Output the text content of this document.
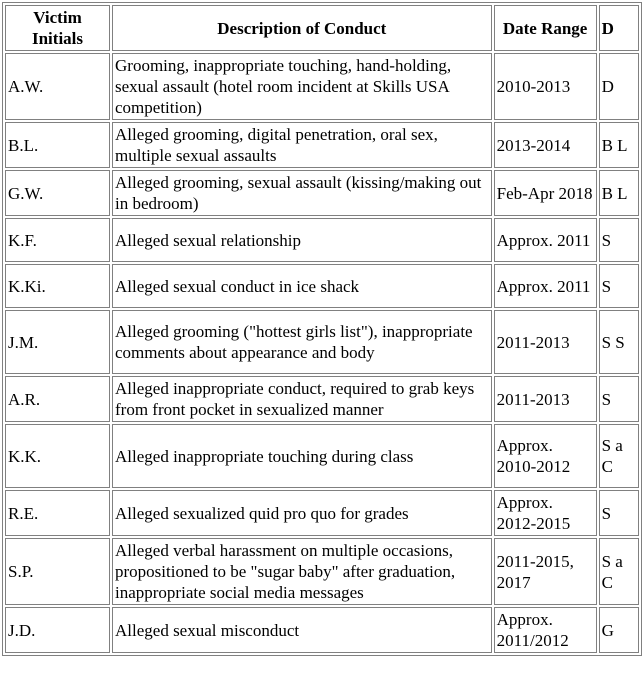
Victim Initials	Description of Conduct	Date Range	D
A.W.	Grooming, inappropriate touching, hand-holding, sexual assault (hotel room incident at Skills USA competition)	2010-2013	D
B.L.	Alleged grooming, digital penetration, oral sex, multiple sexual assaults	2013-2014	B L
G.W.	Alleged grooming, sexual assault (kissing/making out in bedroom)	Feb-Apr 2018	B L
K.F.	Alleged sexual relationship	Approx. 2011	S
K.Ki.	Alleged sexual conduct in ice shack	Approx. 2011	S
J.M.	Alleged grooming ("hottest girls list"), inappropriate comments about appearance and body	2011-2013	S S
A.R.	Alleged inappropriate conduct, required to grab keys from front pocket in sexualized manner	2011-2013	S
K.K.	Alleged inappropriate touching during class	Approx. 2010-2012	S a C
R.E.	Alleged sexualized quid pro quo for grades	Approx. 2012-2015	S
S.P.	Alleged verbal harassment on multiple occasions, propositioned to be "sugar baby" after graduation, inappropriate social media messages	2011-2015, 2017	S a C
J.D.	Alleged sexual misconduct	Approx. 2011/2012	G
